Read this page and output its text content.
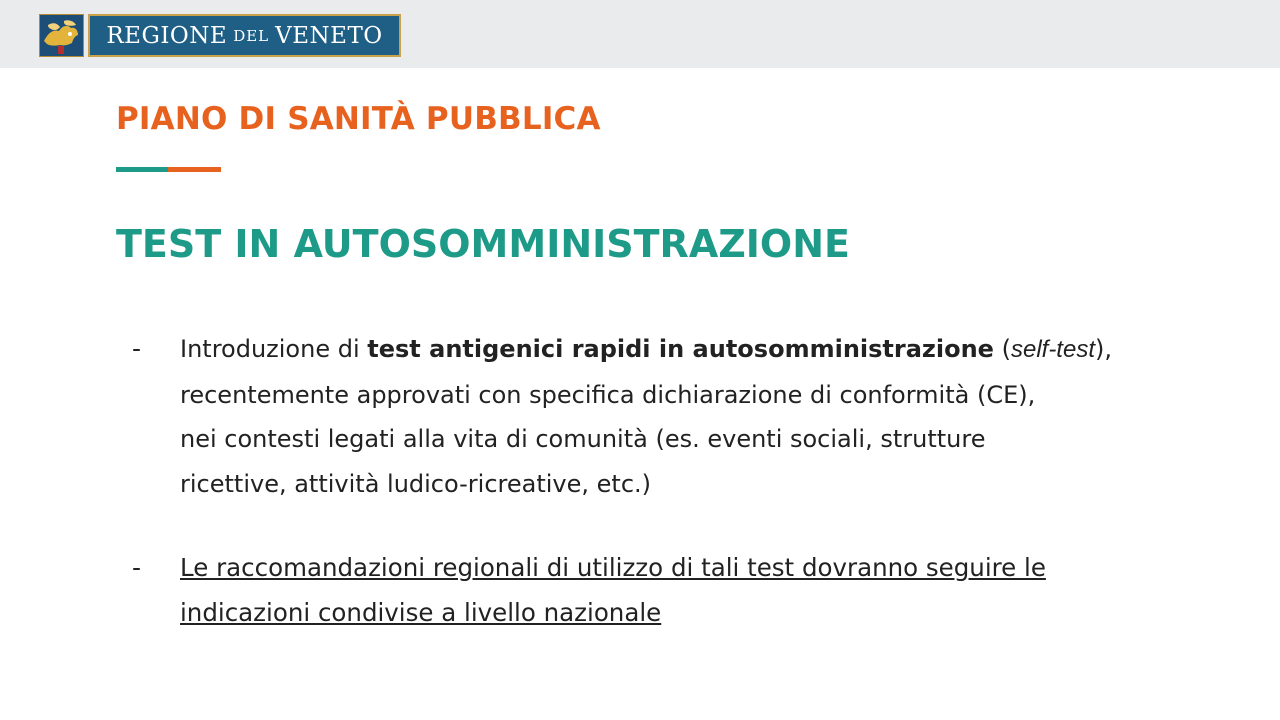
REGIONE DEL VENETO
PIANO DI SANITÀ PUBBLICA
TEST IN AUTOSOMMINISTRAZIONE
- Introduzione di test antigenici rapidi in autosomministrazione (self-test),
recentemente approvati con specifica dichiarazione di conformità (CE),
nei contesti legati alla vita di comunità (es. eventi sociali, strutture
ricettive, attività ludico-ricreative, etc.)
- Le raccomandazioni regionali di utilizzo di tali test dovranno seguire le
indicazioni condivise a livello nazionale
